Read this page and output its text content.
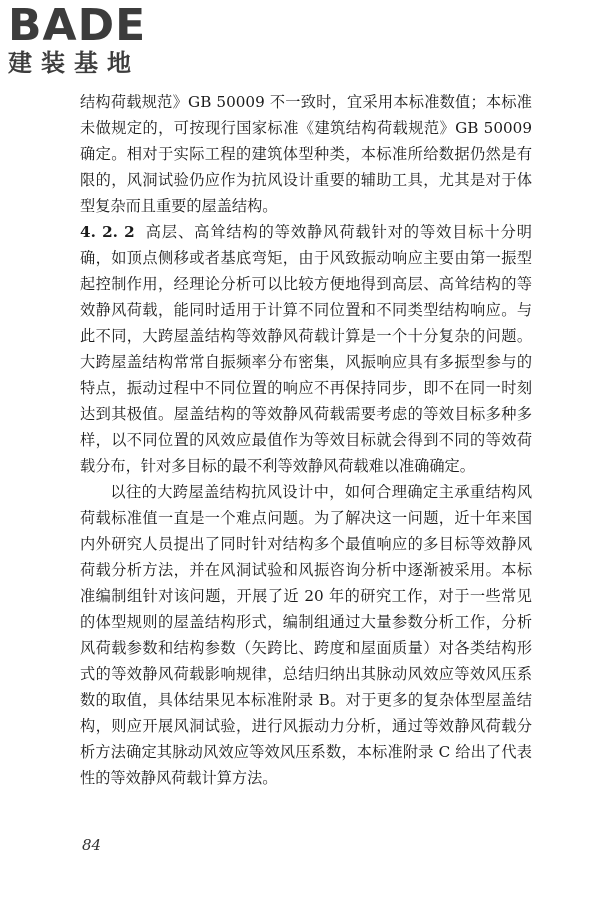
BADE
建装基地

结构荷载规范》GB 50009 不一致时，宜采用本标准数值；本标准未做规定的，可按现行国家标准《建筑结构荷载规范》GB 50009 确定。相对于实际工程的建筑体型种类，本标准所给数据仍然是有限的，风洞试验仍应作为抗风设计重要的辅助工具，尤其是对于体型复杂而且重要的屋盖结构。

4. 2. 2 高层、高耸结构的等效静风荷载针对的等效目标十分明确，如顶点侧移或者基底弯矩，由于风致振动响应主要由第一振型起控制作用，经理论分析可以比较方便地得到高层、高耸结构的等效静风荷载，能同时适用于计算不同位置和不同类型结构响应。与此不同，大跨屋盖结构等效静风荷载计算是一个十分复杂的问题。大跨屋盖结构常常自振频率分布密集，风振响应具有多振型参与的特点，振动过程中不同位置的响应不再保持同步，即不在同一时刻达到其极值。屋盖结构的等效静风荷载需要考虑的等效目标多种多样，以不同位置的风效应最值作为等效目标就会得到不同的等效荷载分布，针对多目标的最不利等效静风荷载难以准确确定。

以往的大跨屋盖结构抗风设计中，如何合理确定主承重结构风荷载标准值一直是一个难点问题。为了解决这一问题，近十年来国内外研究人员提出了同时针对结构多个最值响应的多目标等效静风荷载分析方法，并在风洞试验和风振咨询分析中逐渐被采用。本标准编制组针对该问题，开展了近 20 年的研究工作，对于一些常见的体型规则的屋盖结构形式，编制组通过大量参数分析工作，分析风荷载参数和结构参数（矢跨比、跨度和屋面质量）对各类结构形式的等效静风荷载影响规律，总结归纳出其脉动风效应等效风压系数的取值，具体结果见本标准附录 B。对于更多的复杂体型屋盖结构，则应开展风洞试验，进行风振动力分析，通过等效静风荷载分析方法确定其脉动风效应等效风压系数，本标准附录 C 给出了代表性的等效静风荷载计算方法。

84
